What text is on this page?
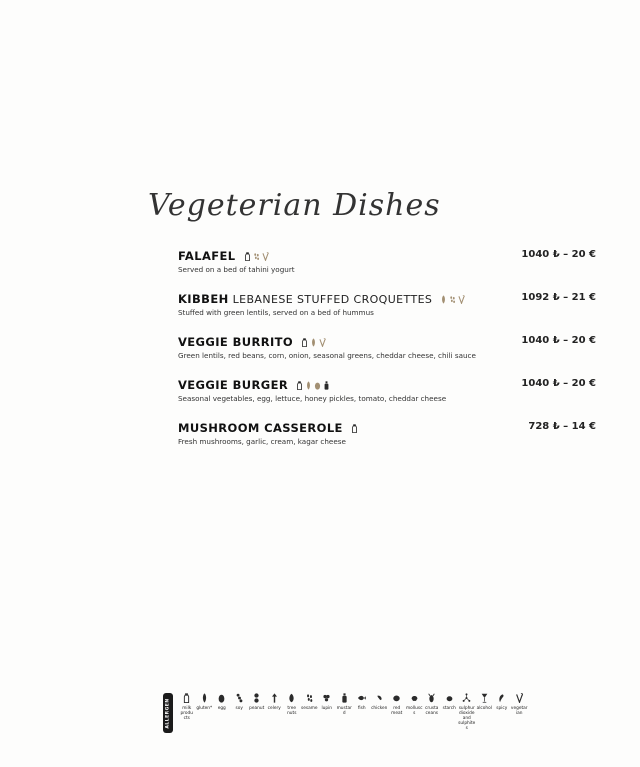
Vegeterian Dishes
FALAFEL	1040 ₺ – 20 €
Served on a bed of tahini yogurt
KIBBEH LEBANESE STUFFED CROQUETTES	1092 ₺ – 21 €
Stuffed with green lentils, served on a bed of hummus
VEGGIE BURRITO	1040 ₺ – 20 €
Green lentils, red beans, corn, onion, seasonal greens, cheddar cheese, chili sauce
VEGGIE BURGER	1040 ₺ – 20 €
Seasonal vegetables, egg, lettuce, honey pickles, tomato, cheddar cheese
MUSHROOM CASSEROLE	728 ₺ – 14 €
Fresh mushrooms, garlic, cream, kagar cheese
ALLERGEN	milk produ cts
gluten* egg soy peanut celery	tree nuts
sesame lupin mustard
fish chicken	red meat
molluscs
crusta ceans
starch sulphur dioxide and sulphites
alcohol spicy vegetarian
